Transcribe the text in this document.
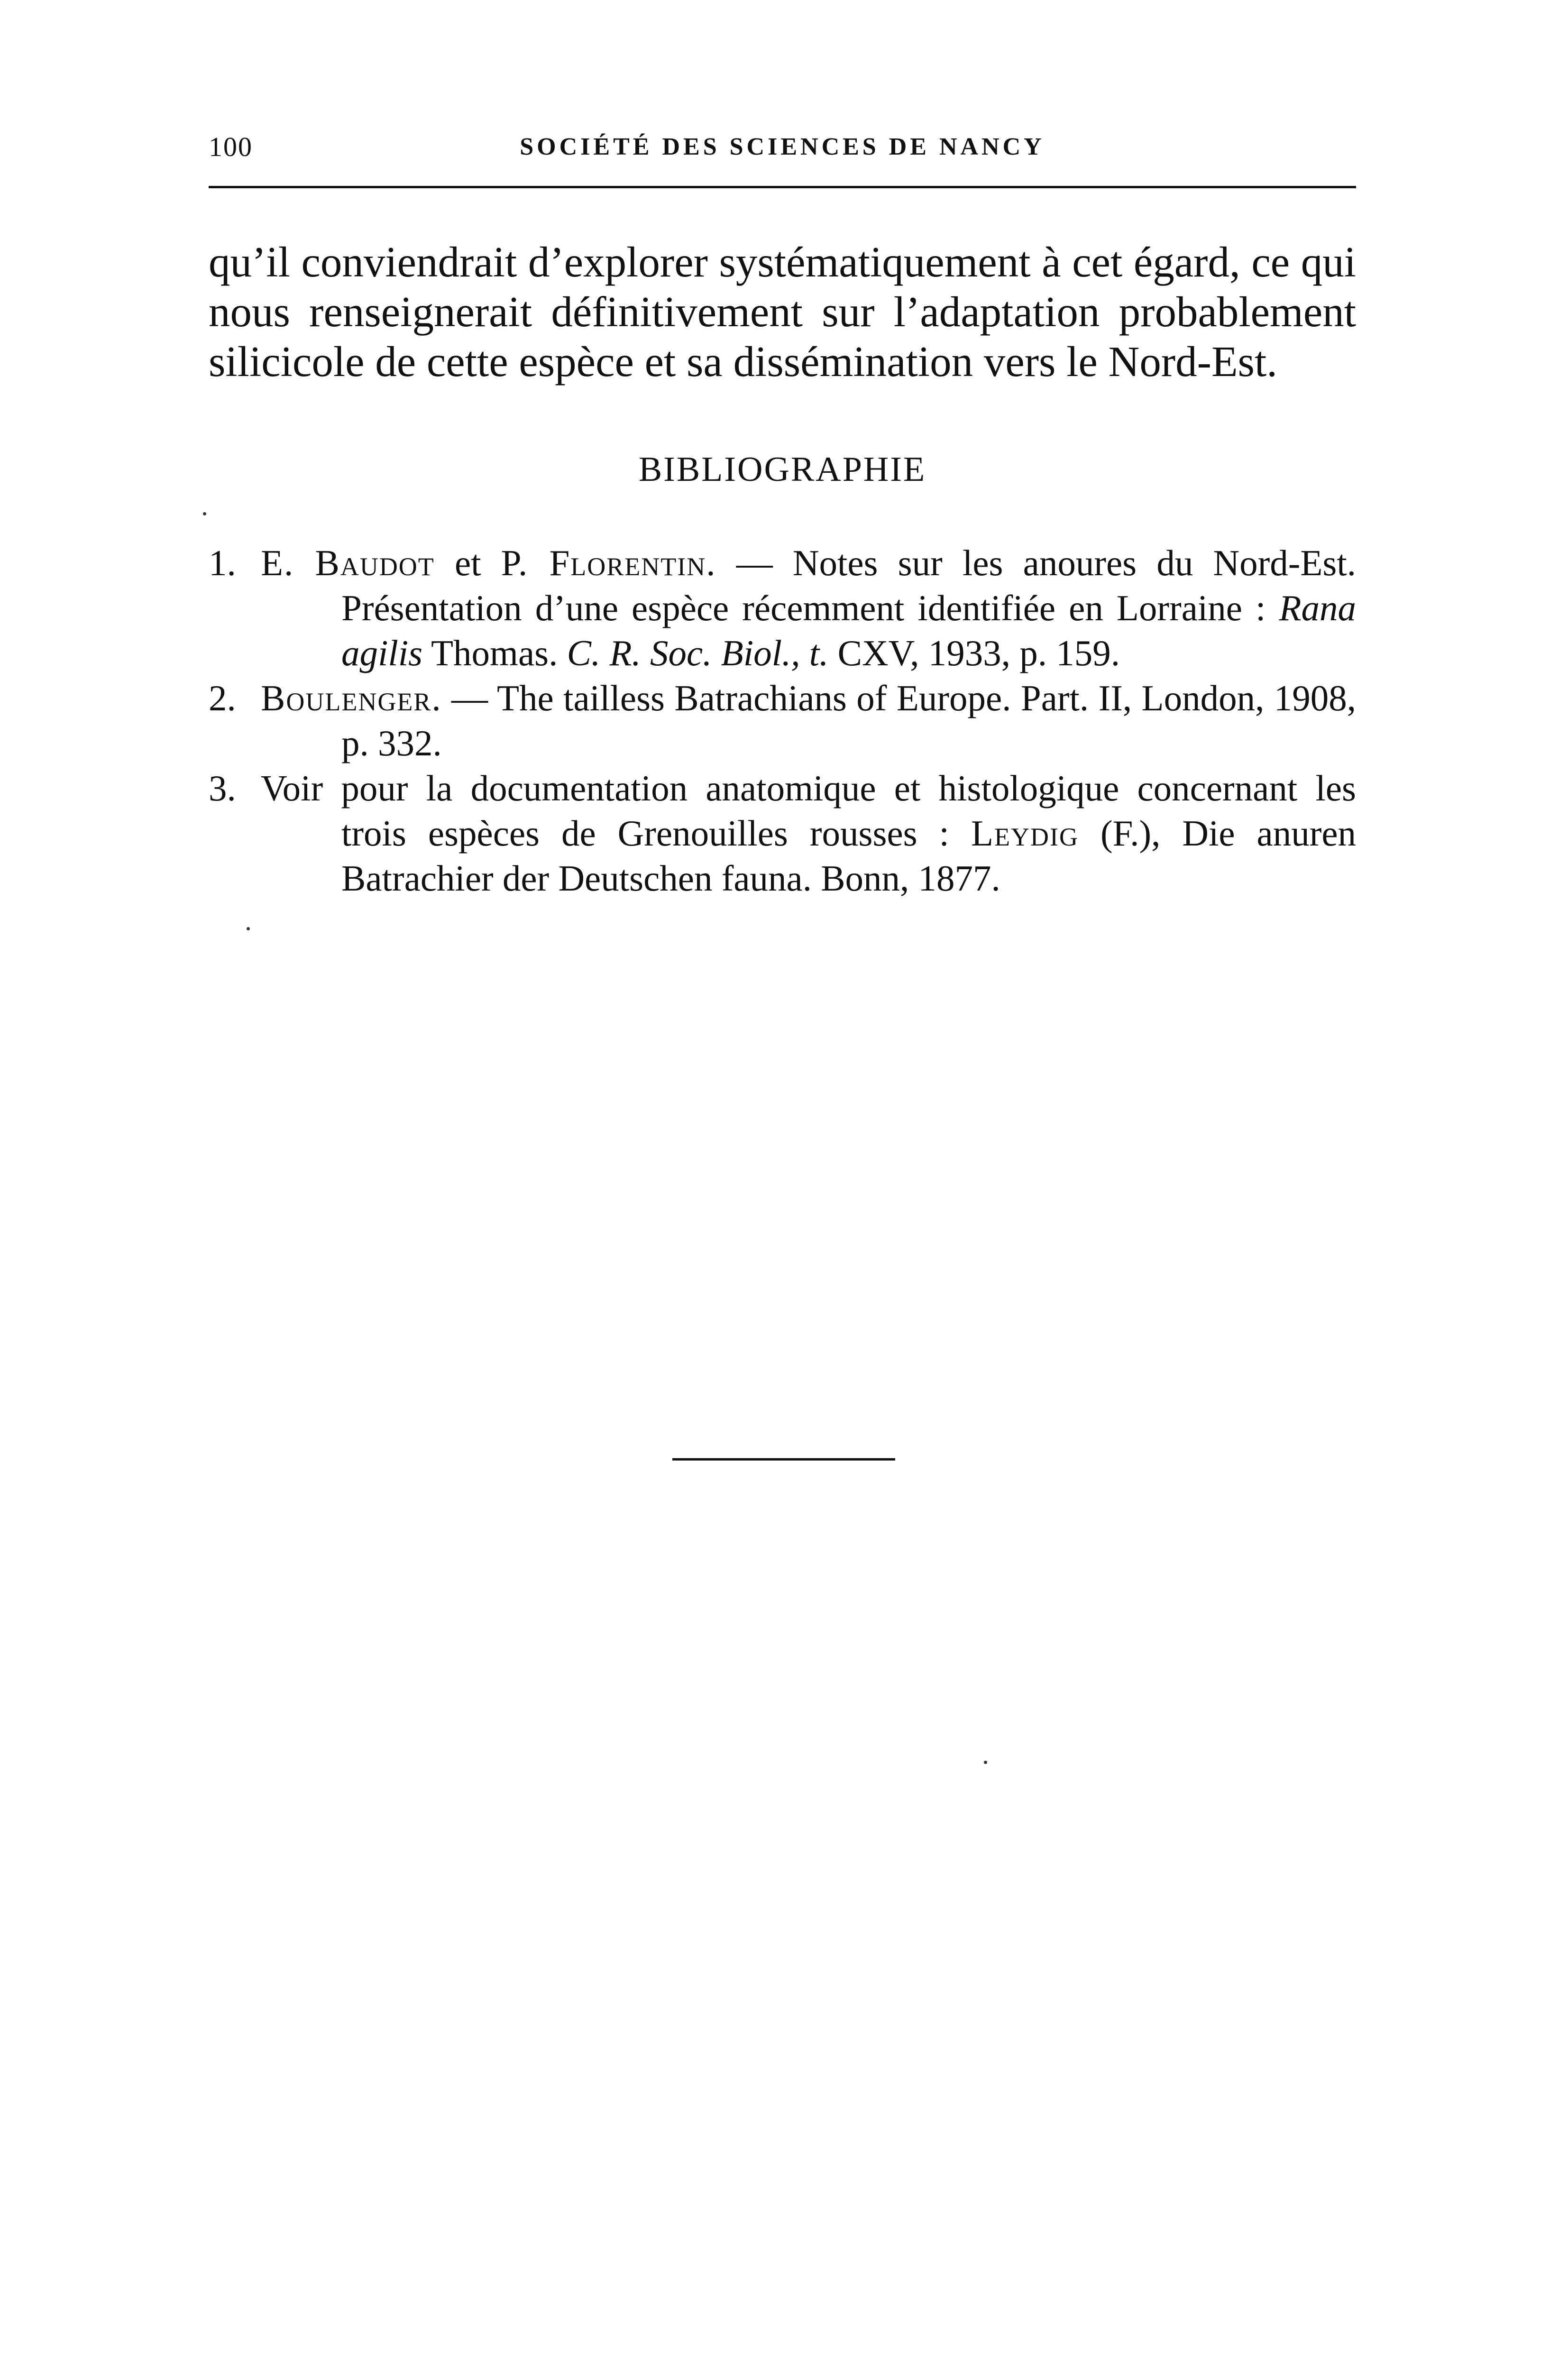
100	SOCIÉTÉ DES SCIENCES DE NANCY

qu’il conviendrait d’explorer systématiquement à cet égard, ce qui nous renseignerait définitivement sur l’adaptation probablement silicicole de cette espèce et sa dissémination vers le Nord-Est.

BIBLIOGRAPHIE
1. E. Baudot et P. Florentin. — Notes sur les anoures du Nord-Est. Présentation d’une espèce récemment identifiée en Lorraine : Rana agilis Thomas. C. R. Soc. Biol., t. CXV, 1933, p. 159.
2. Boulenger. — The tailless Batrachians of Europe. Part. II, London, 1908, p. 332.
3. Voir pour la documentation anatomique et histologique concernant les trois espèces de Grenouilles rousses : Leydig (F.), Die anuren Batrachier der Deutschen fauna. Bonn, 1877.
